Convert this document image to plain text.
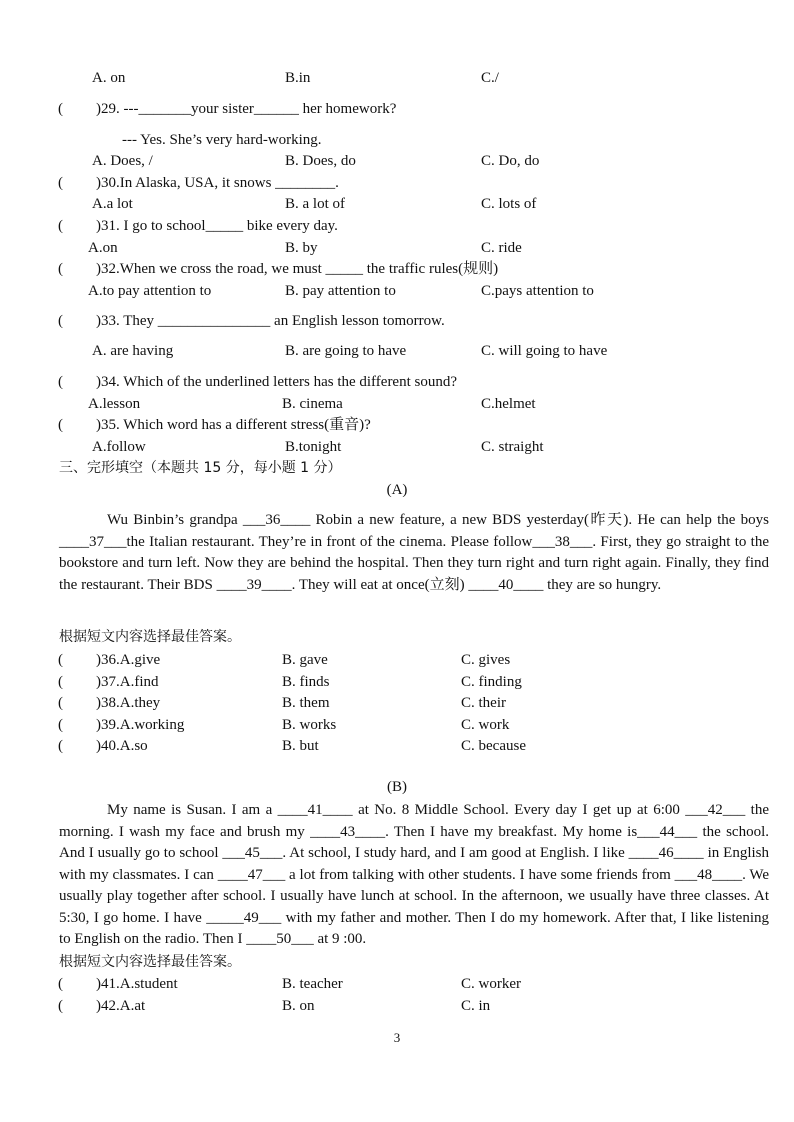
A. on	B.in	C./
( )29. ---_______your sister______ her homework?
--- Yes. She’s very hard-working.
A. Does, /	B. Does, do	C. Do, do
( )30.In Alaska, USA, it snows ________.
A.a lot	B. a lot of	C. lots of
( )31. I go to school_____ bike every day.
A.on	B. by	C. ride
( )32.When we cross the road, we must _____ the traffic rules(规则)
A.to pay attention to	B. pay attention to	C.pays attention to
( )33. They _______________ an English lesson tomorrow.
A. are having	B. are going to have	C. will going to have
( )34. Which of the underlined letters has the different sound?
A.lesson	B. cinema	C.helmet
( )35. Which word has a different stress(重音)?
A.follow	B.tonight	C. straight
三、完形填空（本题共 15 分，每小题 1 分）
(A)

Wu Binbin’s grandpa ___36____ Robin a new feature, a new BDS yesterday(昨天). He can help the boys ____37___the Italian restaurant. They’re in front of the cinema. Please follow___38___. First, they go straight to the bookstore and turn left. Now they are behind the hospital. Then they turn right and turn right again. Finally, they find the restaurant. Their BDS ____39____. They will eat at once(立刻) ____40____ they are so hungry.

根据短文内容选择最佳答案。
( )36.A.give	B. gave	C. gives
( )37.A.find	B. finds	C. finding
( )38.A.they	B. them	C. their
( )39.A.working	B. works	C. work
( )40.A.so	B. but	C. because
(B)

My name is Susan. I am a ____41____ at No. 8 Middle School. Every day I get up at 6:00 ___42___ the morning. I wash my face and brush my ____43____. Then I have my breakfast. My home is___44___ the school. And I usually go to school ___45___. At school, I study hard, and I am good at English. I like ____46____ in English with my classmates. I can ____47___ a lot from talking with other students. I have some friends from ___48____. We usually play together after school. I usually have lunch at school. In the afternoon, we usually have three classes. At 5:30, I go home. I have _____49___ with my father and mother. Then I do my homework. After that, I like listening to English on the radio. Then I ____50___ at 9 :00.

根据短文内容选择最佳答案。
( )41.A.student	B. teacher	C. worker
( )42.A.at	B. on	C. in
3
